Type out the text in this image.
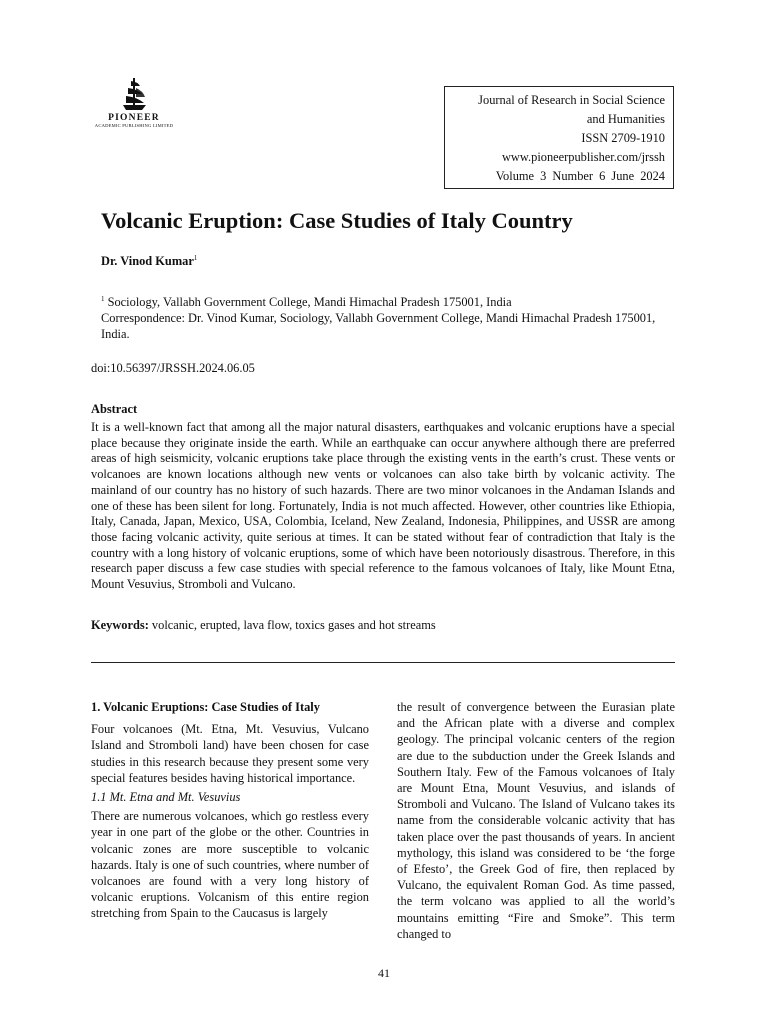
PIONEER
ACADEMIC PUBLISHING LIMITED
Journal of Research in Social Science
and Humanities
ISSN 2709-1910
www.pioneerpublisher.com/jrssh
Volume 3 Number 6 June 2024
Volcanic Eruption: Case Studies of Italy Country
Dr. Vinod Kumar$^1$
$^1$ Sociology, Vallabh Government College, Mandi Himachal Pradesh 175001, India
Correspondence: Dr. Vinod Kumar, Sociology, Vallabh Government College, Mandi Himachal Pradesh 175001, India.
doi:10.56397/JRSSH.2024.06.05
Abstract
It is a well-known fact that among all the major natural disasters, earthquakes and volcanic eruptions have a special place because they originate inside the earth. While an earthquake can occur anywhere although there are preferred areas of high seismicity, volcanic eruptions take place through the existing vents in the earth’s crust. These vents or volcanoes are known locations although new vents or volcanoes can also take birth by volcanic activity. The mainland of our country has no history of such hazards. There are two minor volcanoes in the Andaman Islands and one of these has been silent for long. Fortunately, India is not much affected. However, other countries like Ethiopia, Italy, Canada, Japan, Mexico, USA, Colombia, Iceland, New Zealand, Indonesia, Philippines, and USSR are among those facing volcanic activity, quite serious at times. It can be stated without fear of contradiction that Italy is the country with a long history of volcanic eruptions, some of which have been notoriously disastrous. Therefore, in this research paper discuss a few case studies with special reference to the famous volcanoes of Italy, like Mount Etna, Mount Vesuvius, Stromboli and Vulcano.
Keywords: volcanic, erupted, lava flow, toxics gases and hot streams

1. Volcanic Eruptions: Case Studies of Italy

Four volcanoes (Mt. Etna, Mt. Vesuvius, Vulcano Island and Stromboli land) have been chosen for case studies in this research because they present some very special features besides having historical importance.

1.1 Mt. Etna and Mt. Vesuvius

There are numerous volcanoes, which go restless every year in one part of the globe or the other. Countries in volcanic zones are more susceptible to volcanic hazards. Italy is one of such countries, where number of volcanoes are found with a very long history of volcanic eruptions. Volcanism of this entire region stretching from Spain to the Caucasus is largely

the result of convergence between the Eurasian plate and the African plate with a diverse and complex geology. The principal volcanic centers of the region are due to the subduction under the Greek Islands and Southern Italy. Few of the Famous volcanoes of Italy are Mount Etna, Mount Vesuvius, and islands of Stromboli and Vulcano. The Island of Vulcano takes its name from the considerable volcanic activity that has taken place over the past thousands of years. In ancient mythology, this island was considered to be ‘the forge of Efesto’, the Greek God of fire, then replaced by Vulcano, the equivalent Roman God. As time passed, the term volcano was applied to all the world’s mountains emitting “Fire and Smoke”. This term changed to

41
